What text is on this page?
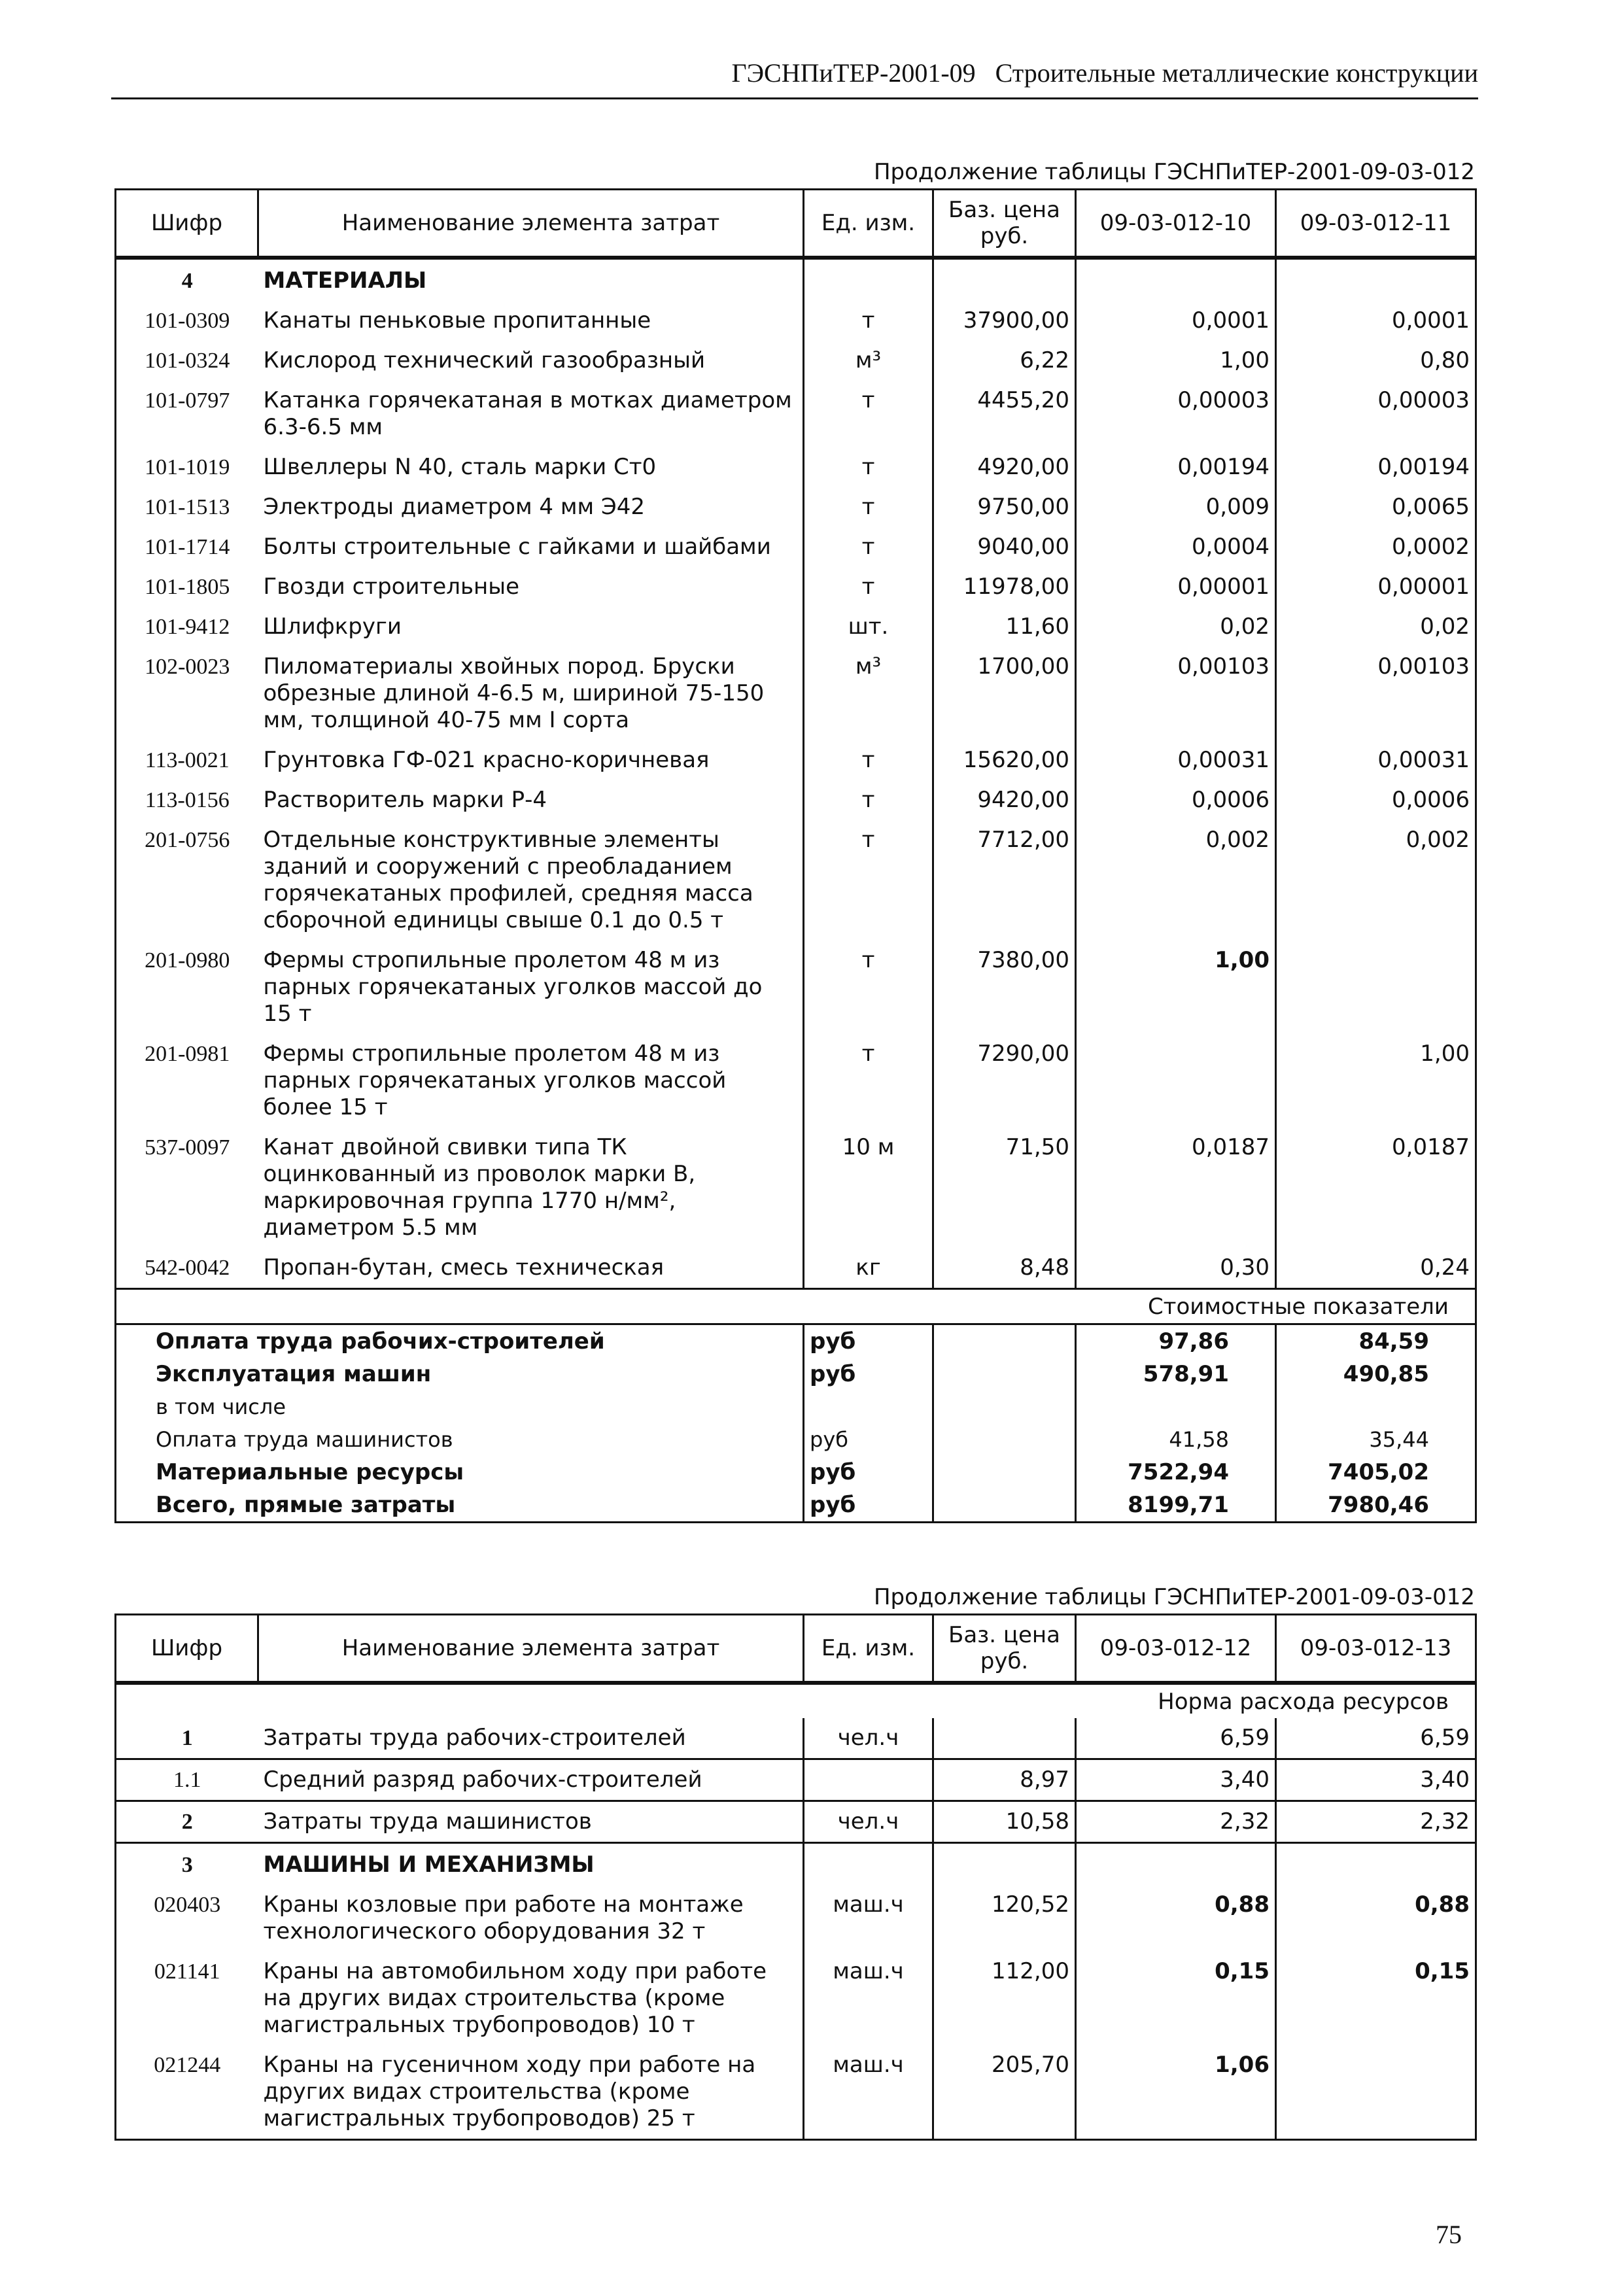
ГЭСНПиТЕР-2001-09 Строительные металлические конструкции
Продолжение таблицы ГЭСНПиТЕР-2001-09-03-012
Шифр	Наименование элемента затрат	Ед. изм.	Баз. цена руб.	09-03-012-10	09-03-012-11
4	МАТЕРИАЛЫ				
101-0309	Канаты пеньковые пропитанные	т	37900,00	0,0001	0,0001
101-0324	Кислород технический газообразный	м³	6,22	1,00	0,80
101-0797	Катанка горячекатаная в мотках диаметром 6.3-6.5 мм	т	4455,20	0,00003	0,00003
101-1019	Швеллеры N 40, сталь марки Ст0	т	4920,00	0,00194	0,00194
101-1513	Электроды диаметром 4 мм Э42	т	9750,00	0,009	0,0065
101-1714	Болты строительные с гайками и шайбами	т	9040,00	0,0004	0,0002
101-1805	Гвозди строительные	т	11978,00	0,00001	0,00001
101-9412	Шлифкруги	шт.	11,60	0,02	0,02
102-0023	Пиломатериалы хвойных пород. Бруски обрезные длиной 4-6.5 м, шириной 75-150 мм, толщиной 40-75 мм I сорта	м³	1700,00	0,00103	0,00103
113-0021	Грунтовка ГФ-021 красно-коричневая	т	15620,00	0,00031	0,00031
113-0156	Растворитель марки Р-4	т	9420,00	0,0006	0,0006
201-0756	Отдельные конструктивные элементы зданий и сооружений с преобладанием горячекатаных профилей, средняя масса сборочной единицы свыше 0.1 до 0.5 т	т	7712,00	0,002	0,002
201-0980	Фермы стропильные пролетом 48 м из парных горячекатаных уголков массой до 15 т	т	7380,00	1,00	
201-0981	Фермы стропильные пролетом 48 м из парных горячекатаных уголков массой более 15 т	т	7290,00		1,00
537-0097	Канат двойной свивки типа ТК оцинкованный из проволок марки В, маркировочная группа 1770 н/мм², диаметром 5.5 мм	10 м	71,50	0,0187	0,0187
542-0042	Пропан-бутан, смесь техническая	кг	8,48	0,30	0,24
Стоимостные показатели					
Оплата труда рабочих-строителей		руб		97,86	84,59
Эксплуатация машин		руб		578,91	490,85
в том числе					
Оплата труда машинистов		руб		41,58	35,44
Материальные ресурсы		руб		7522,94	7405,02
Всего, прямые затраты		руб		8199,71	7980,46
Продолжение таблицы ГЭСНПиТЕР-2001-09-03-012
Шифр	Наименование элемента затрат	Ед. изм.	Баз. цена руб.	09-03-012-12	09-03-012-13
Норма расхода ресурсов					
1	Затраты труда рабочих-строителей	чел.ч		6,59	6,59
1.1	Средний разряд рабочих-строителей		8,97	3,40	3,40
2	Затраты труда машинистов	чел.ч	10,58	2,32	2,32
3	МАШИНЫ И МЕХАНИЗМЫ				
020403	Краны козловые при работе на монтаже технологического оборудования 32 т	маш.ч	120,52	0,88	0,88
021141	Краны на автомобильном ходу при работе на других видах строительства (кроме магистральных трубопроводов) 10 т	маш.ч	112,00	0,15	0,15
021244	Краны на гусеничном ходу при работе на других видах строительства (кроме магистральных трубопроводов) 25 т	маш.ч	205,70	1,06	
75
